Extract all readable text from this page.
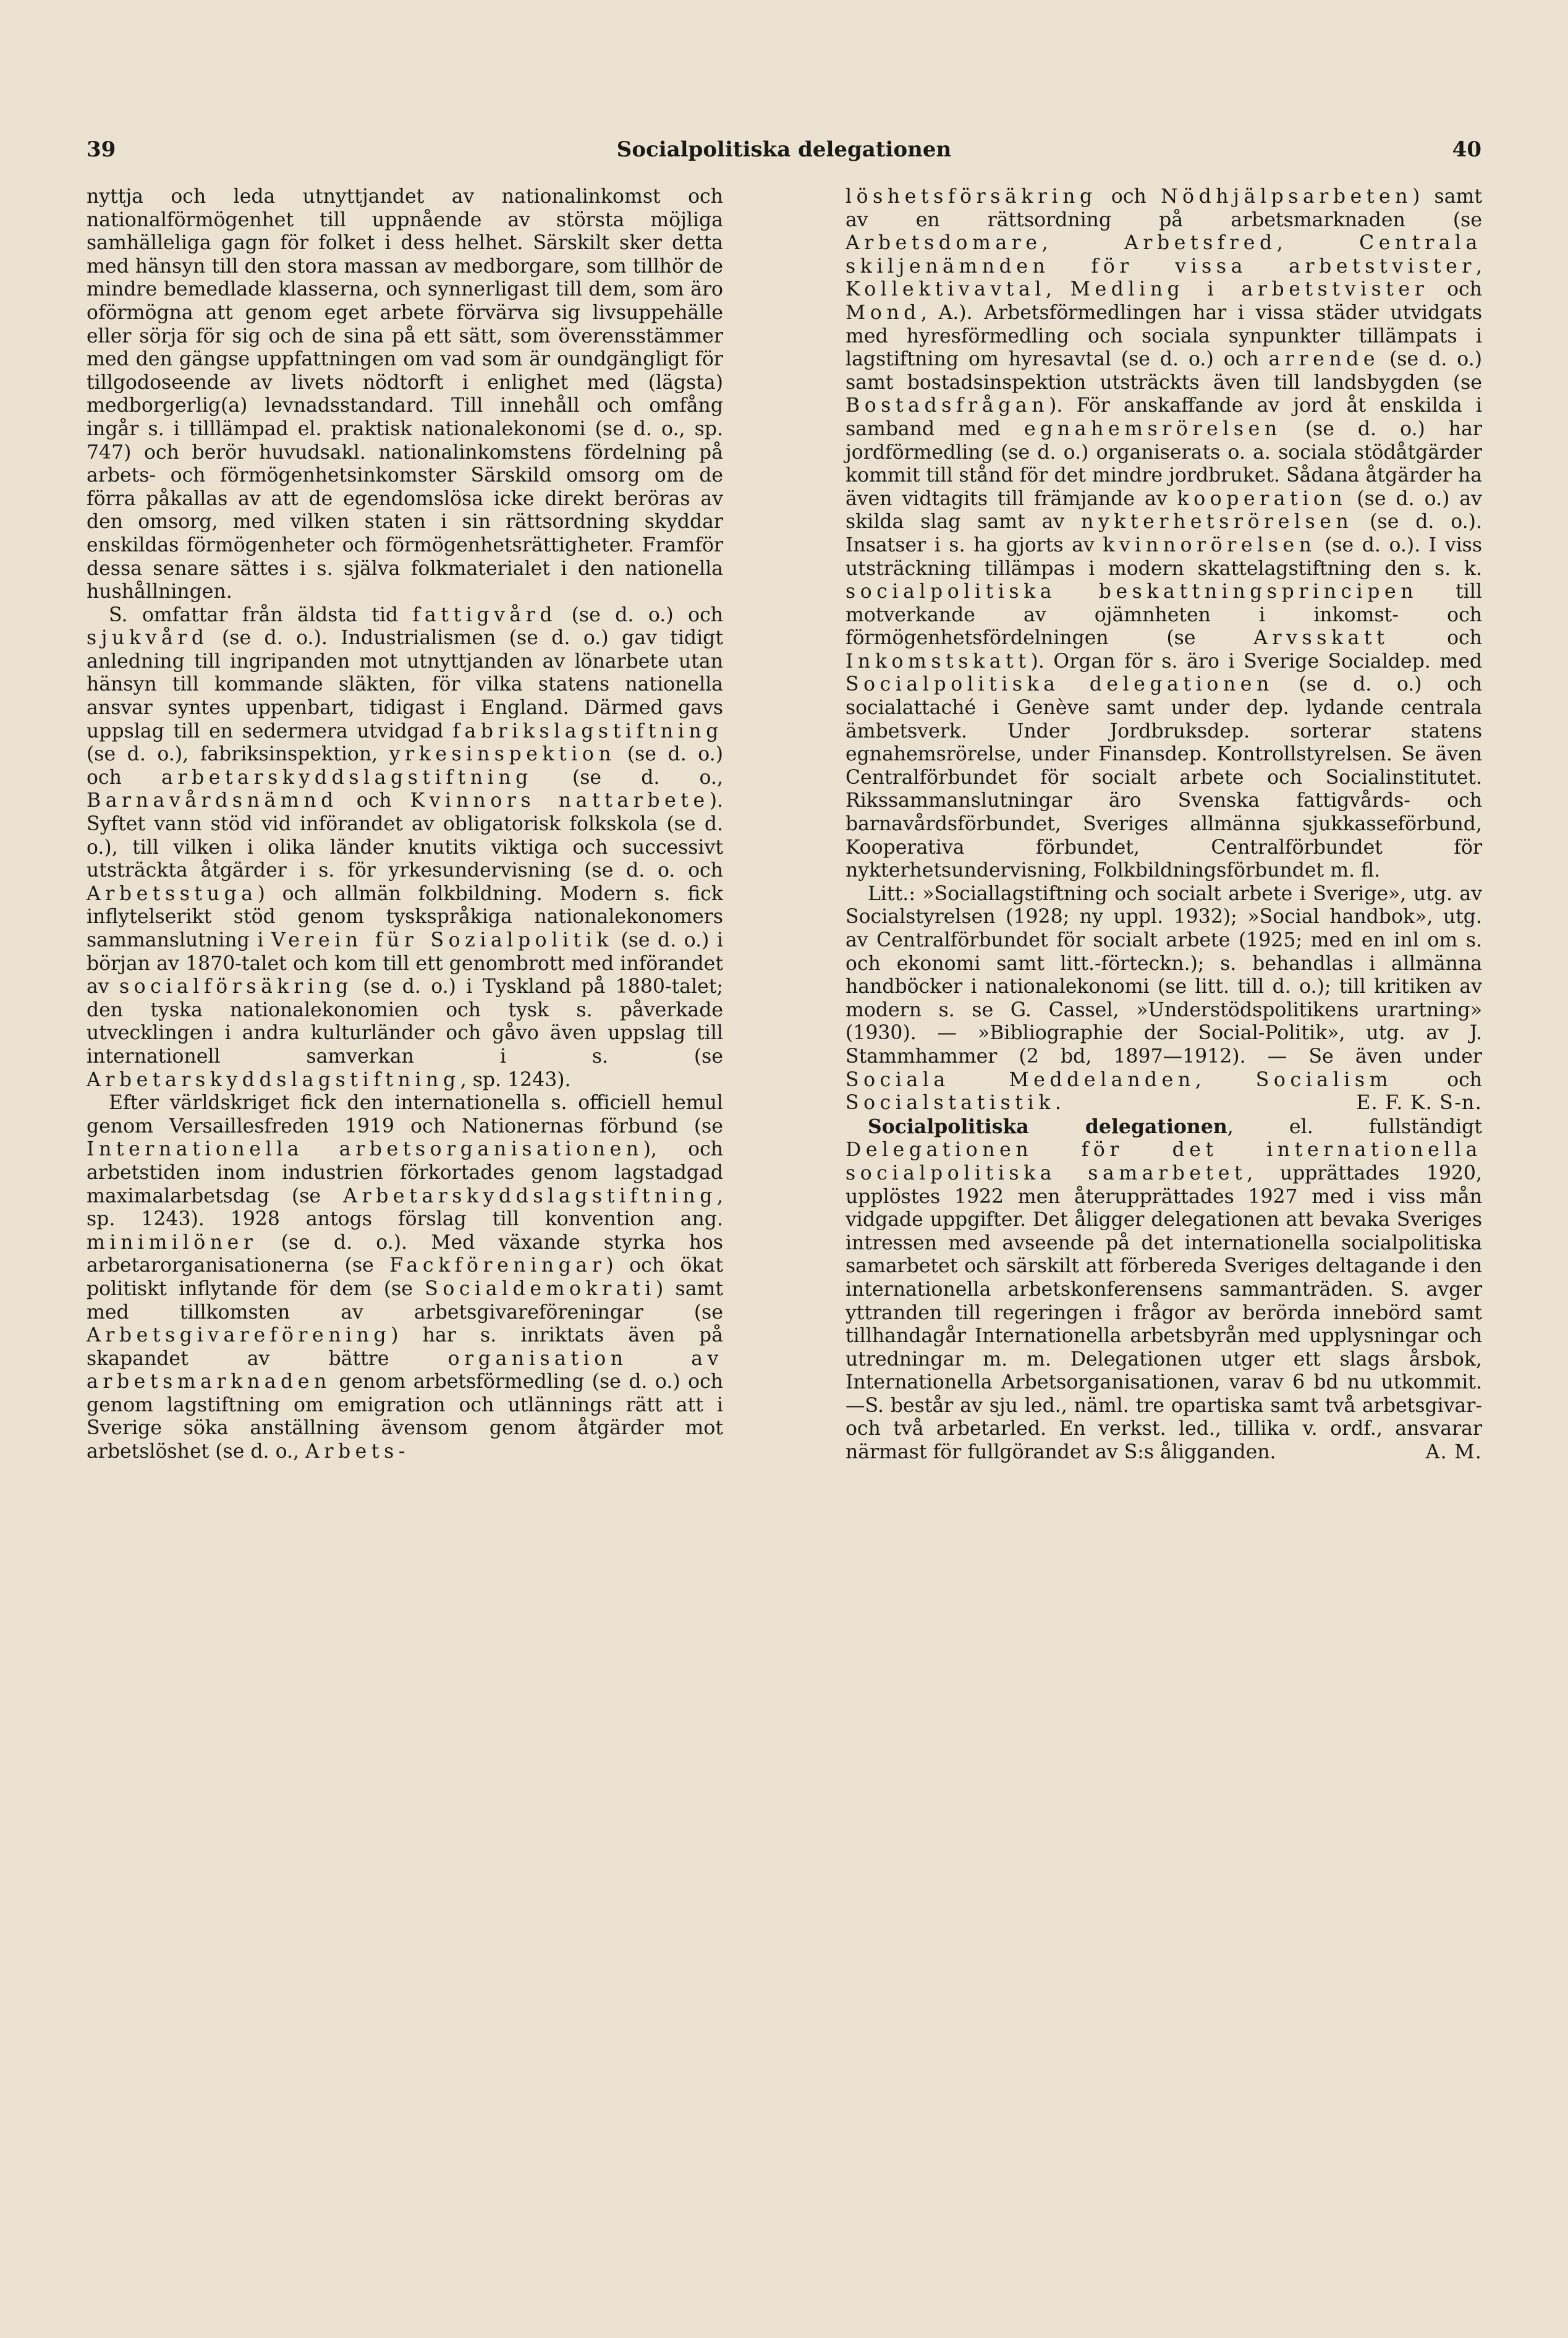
39	Socialpolitiska delegationen	40

nyttja och leda utnyttjandet av nationalinkomst och nationalförmögenhet till uppnående av största möjliga samhälleliga gagn för folket i dess helhet. Särskilt sker detta med hänsyn till den stora massan av medborgare, som tillhör de mindre bemedlade klasserna, och synnerligast till dem, som äro oförmögna att genom eget arbete förvärva sig livsuppehälle eller sörja för sig och de sina på ett sätt, som överensstämmer med den gängse uppfattningen om vad som är oundgängligt för tillgodoseende av livets nödtorft i enlighet med (lägsta) medborgerlig(a) levnadsstandard. Till innehåll och omfång ingår s. i tilllämpad el. praktisk nationalekonomi (se d. o., sp. 747) och berör huvudsakl. nationalinkomstens fördelning på arbets- och förmögenhetsinkomster Särskild omsorg om de förra påkallas av att de egendomslösa icke direkt beröras av den omsorg, med vilken staten i sin rättsordning skyddar enskildas förmögenheter och förmögenhetsrättigheter. Framför dessa senare sättes i s. själva folkmaterialet i den nationella hushållningen.

S. omfattar från äldsta tid fattigvård (se d. o.) och sjukvård (se d. o.). Industrialismen (se d. o.) gav tidigt anledning till ingripanden mot utnyttjanden av lönarbete utan hänsyn till kommande släkten, för vilka statens nationella ansvar syntes uppenbart, tidigast i England. Därmed gavs uppslag till en sedermera utvidgad fabrikslagstiftning (se d. o.), fabriksinspektion, yrkesinspektion (se d. o.) och arbetarskyddslagstiftning (se d. o., Barnavårdsnämnd och Kvinnors nattarbete). Syftet vann stöd vid införandet av obligatorisk folkskola (se d. o.), till vilken i olika länder knutits viktiga och successivt utsträckta åtgärder i s. för yrkesundervisning (se d. o. och Arbetsstuga) och allmän folkbildning. Modern s. fick inflytelserikt stöd genom tyskspråkiga nationalekonomers sammanslutning i Verein für Sozialpolitik (se d. o.) i början av 1870-talet och kom till ett genombrott med införandet av socialförsäkring (se d. o.) i Tyskland på 1880-talet; den tyska nationalekonomien och tysk s. påverkade utvecklingen i andra kulturländer och gåvo även uppslag till internationell samverkan i s. (se Arbetarskyddslagstiftning, sp. 1243).

Efter världskriget fick den internationella s. officiell hemul genom Versaillesfreden 1919 och Nationernas förbund (se Internationella arbetsorganisationen), och arbetstiden inom industrien förkortades genom lagstadgad maximalarbetsdag (se Arbetarskyddslagstiftning, sp. 1243). 1928 antogs förslag till konvention ang. minimilöner (se d. o.). Med växande styrka hos arbetarorganisationerna (se Fackföreningar) och ökat politiskt inflytande för dem (se Socialdemokrati) samt med tillkomsten av arbetsgivareföreningar (se Arbetsgivareförening) har s. inriktats även på skapandet av bättre organisation av arbetsmarknaden genom arbetsförmedling (se d. o.) och genom lagstiftning om emigration och utlännings rätt att i Sverige söka anställning ävensom genom åtgärder mot arbetslöshet (se d. o., Arbets-

löshetsförsäkring och Nödhjälpsarbeten) samt av en rättsordning på arbetsmarknaden (se Arbetsdomare, Arbetsfred, Centrala skiljenämnden för vissa arbetstvister, Kollektivavtal, Medling i arbetstvister och Mond, A.). Arbetsförmedlingen har i vissa städer utvidgats med hyresförmedling och sociala synpunkter tillämpats i lagstiftning om hyresavtal (se d. o.) och arrende (se d. o.) samt bostadsinspektion utsträckts även till landsbygden (se Bostadsfrågan). För anskaffande av jord åt enskilda i samband med egnahemsrörelsen (se d. o.) har jordförmedling (se d. o.) organiserats o. a. sociala stödåtgärder kommit till stånd för det mindre jordbruket. Sådana åtgärder ha även vidtagits till främjande av kooperation (se d. o.) av skilda slag samt av nykterhetsrörelsen (se d. o.). Insatser i s. ha gjorts av kvinnorörelsen (se d. o.). I viss utsträckning tillämpas i modern skattelagstiftning den s. k. socialpolitiska beskattningsprincipen till motverkande av ojämnheten i inkomst- och förmögenhetsfördelningen (se Arvsskatt och Inkomstskatt). Organ för s. äro i Sverige Socialdep. med Socialpolitiska delegationen (se d. o.) och socialattaché i Genève samt under dep. lydande centrala ämbetsverk. Under Jordbruksdep. sorterar statens egnahemsrörelse, under Finansdep. Kontrollstyrelsen. Se även Centralförbundet för socialt arbete och Socialinstitutet. Rikssammanslutningar äro Svenska fattigvårds- och barnavårdsförbundet, Sveriges allmänna sjukkasseförbund, Kooperativa förbundet, Centralförbundet för nykterhetsundervisning, Folkbildningsförbundet m. fl.

Litt.: »Sociallagstiftning och socialt arbete i Sverige», utg. av Socialstyrelsen (1928; ny uppl. 1932); »Social handbok», utg. av Centralförbundet för socialt arbete (1925; med en inl om s. och ekonomi samt litt.-förteckn.); s. behandlas i allmänna handböcker i nationalekonomi (se litt. till d. o.); till kritiken av modern s. se G. Cassel, »Understödspolitikens urartning» (1930). — »Bibliographie der Social-Politik», utg. av J. Stammhammer (2 bd, 1897—1912). — Se även under Sociala Meddelanden, Socialism och Socialstatistik.	E. F. K. S-n.

Socialpolitiska delegationen, el. fullständigt Delegationen för det internationella socialpolitiska samarbetet, upprättades 1920, upplöstes 1922 men återupprättades 1927 med i viss mån vidgade uppgifter. Det åligger delegationen att bevaka Sveriges intressen med avseende på det internationella socialpolitiska samarbetet och särskilt att förbereda Sveriges deltagande i den internationella arbetskonferensens sammanträden. S. avger yttranden till regeringen i frågor av berörda innebörd samt tillhandagår Internationella arbetsbyrån med upplysningar och utredningar m. m. Delegationen utger ett slags årsbok, Internationella Arbetsorganisationen, varav 6 bd nu utkommit. —S. består av sju led., näml. tre opartiska samt två arbetsgivar- och två arbetarled. En verkst. led., tillika v. ordf., ansvarar närmast för fullgörandet av S:s åligganden.	A. M.
